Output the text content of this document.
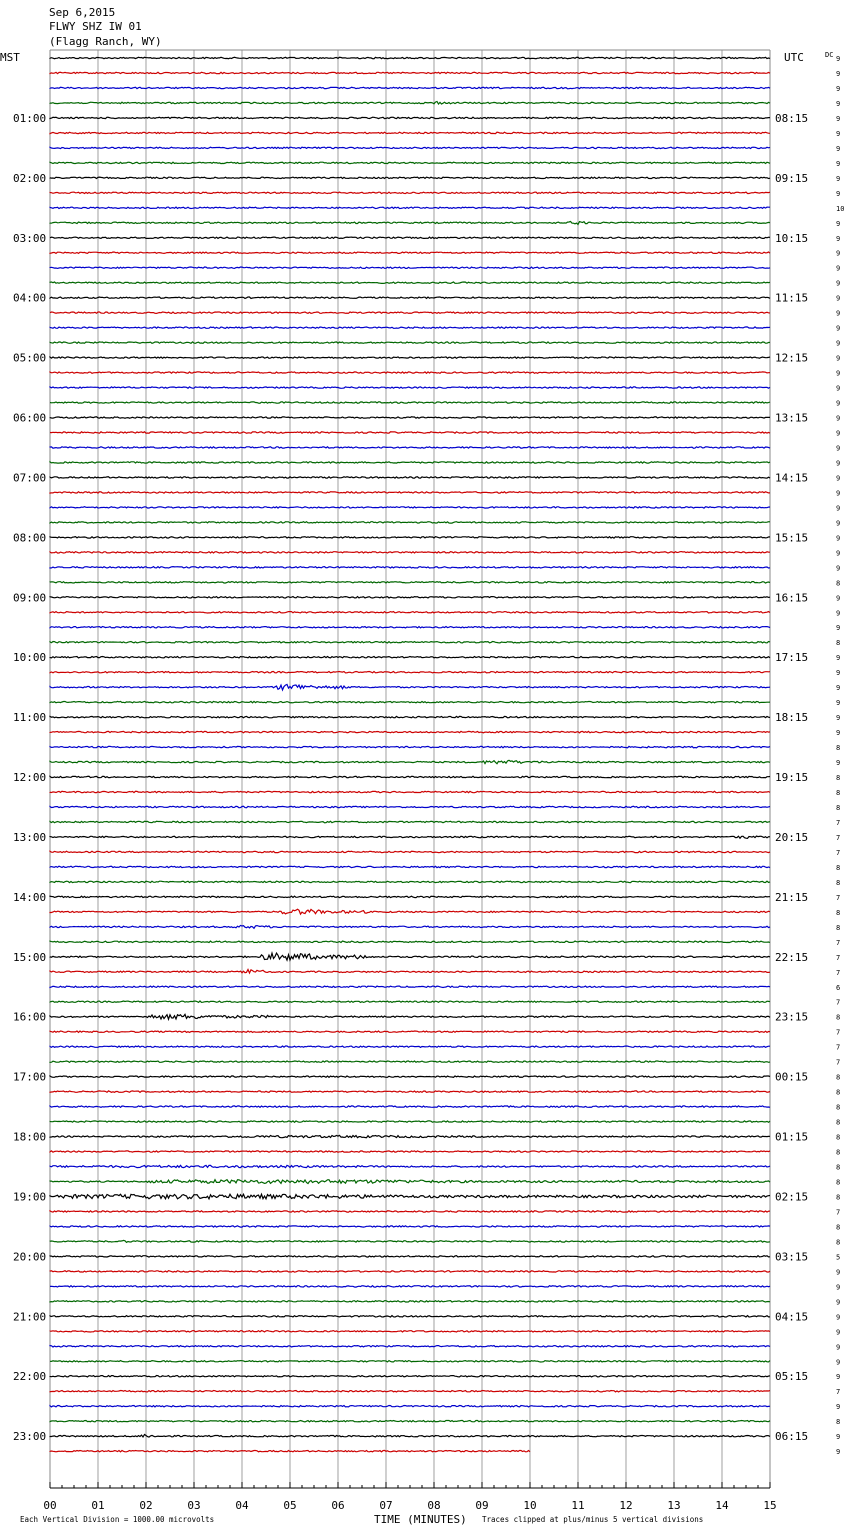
Sep 6,2015
FLWY SHZ IW 01
(Flagg Ranch, WY)
MST	UTC	DC
01:00	08:15
02:00	09:15
03:00	10:15
04:00	11:15
05:00	12:15
06:00	13:15
07:00	14:15
08:00	15:15
09:00	16:15
10:00	17:15
11:00	18:15
12:00	19:15
13:00	20:15
14:00	21:15
15:00	22:15
16:00	23:15
17:00	00:15
18:00	01:15
19:00	02:15
20:00	03:15
21:00	04:15
22:00	05:15
23:00	06:15
9
9
9
9
9
9
9
9
9
9
10
9
9
9
9
9
9
9
9
9
9
9
9
9
9
9
9
9
9
9
9
9
9
9
9
8
9
9
9
8
9
9
9
9
9
9
8
9
8
8
8
7
7
7
8
8
7
8
8
7
7
7
6
7
8
7
7
7
8
8
8
8
8
8
8
8
8
7
8
8
5
9
9
9
9
9
9
9
9
7
9
8
9
9
00	01	02	03	04	05	06	07	08	09	10	11	12	13	14	15
Each Vertical Division = 1000.00 microvolts	TIME (MINUTES) Traces clipped at plus/minus 5 vertical divisions
